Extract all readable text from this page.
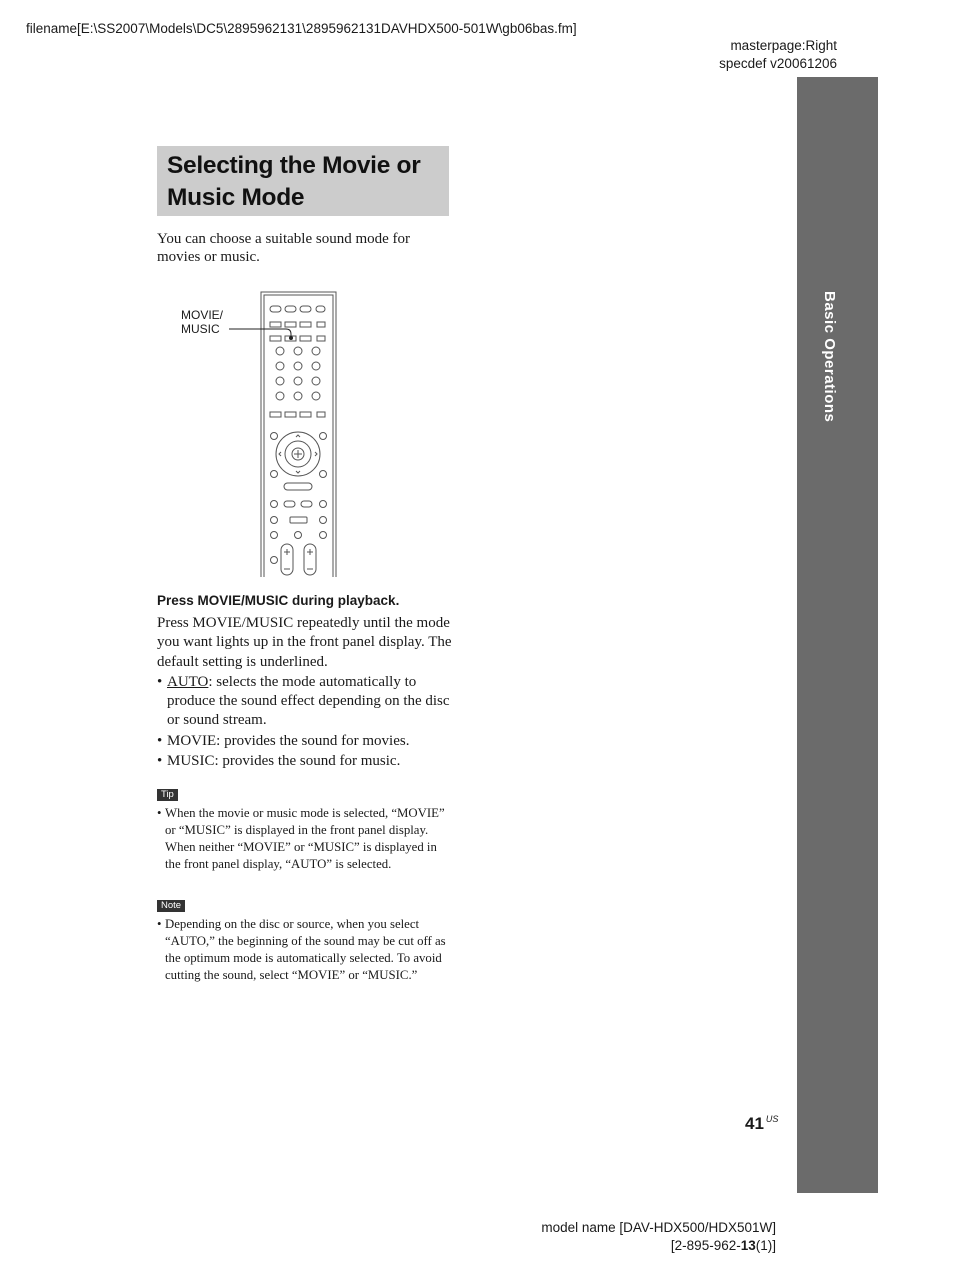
filename[E:\SS2007\Models\DC5\2895962131\2895962131DAVHDX500-501W\gb06bas.fm]
masterpage:Right
specdef v20061206
Basic Operations
Selecting the Movie or Music Mode
You can choose a suitable sound mode for movies or music.
MOVIE/ MUSIC
Press MOVIE/MUSIC during playback.

Press MOVIE/MUSIC repeatedly until the mode you want lights up in the front panel display. The default setting is underlined.

• AUTO: selects the mode automatically to produce the sound effect depending on the disc or sound stream.
• MOVIE: provides the sound for movies.
• MUSIC: provides the sound for music.
Tip
• When the movie or music mode is selected, “MOVIE” or “MUSIC” is displayed in the front panel display. When neither “MOVIE” or “MUSIC” is displayed in the front panel display, “AUTO” is selected.
Note
• Depending on the disc or source, when you select “AUTO,” the beginning of the sound may be cut off as the optimum mode is automatically selected. To avoid cutting the sound, select “MOVIE” or “MUSIC.”
41 $^{US}$
model name [DAV-HDX500/HDX501W]
[2-895-962-13(1)]
